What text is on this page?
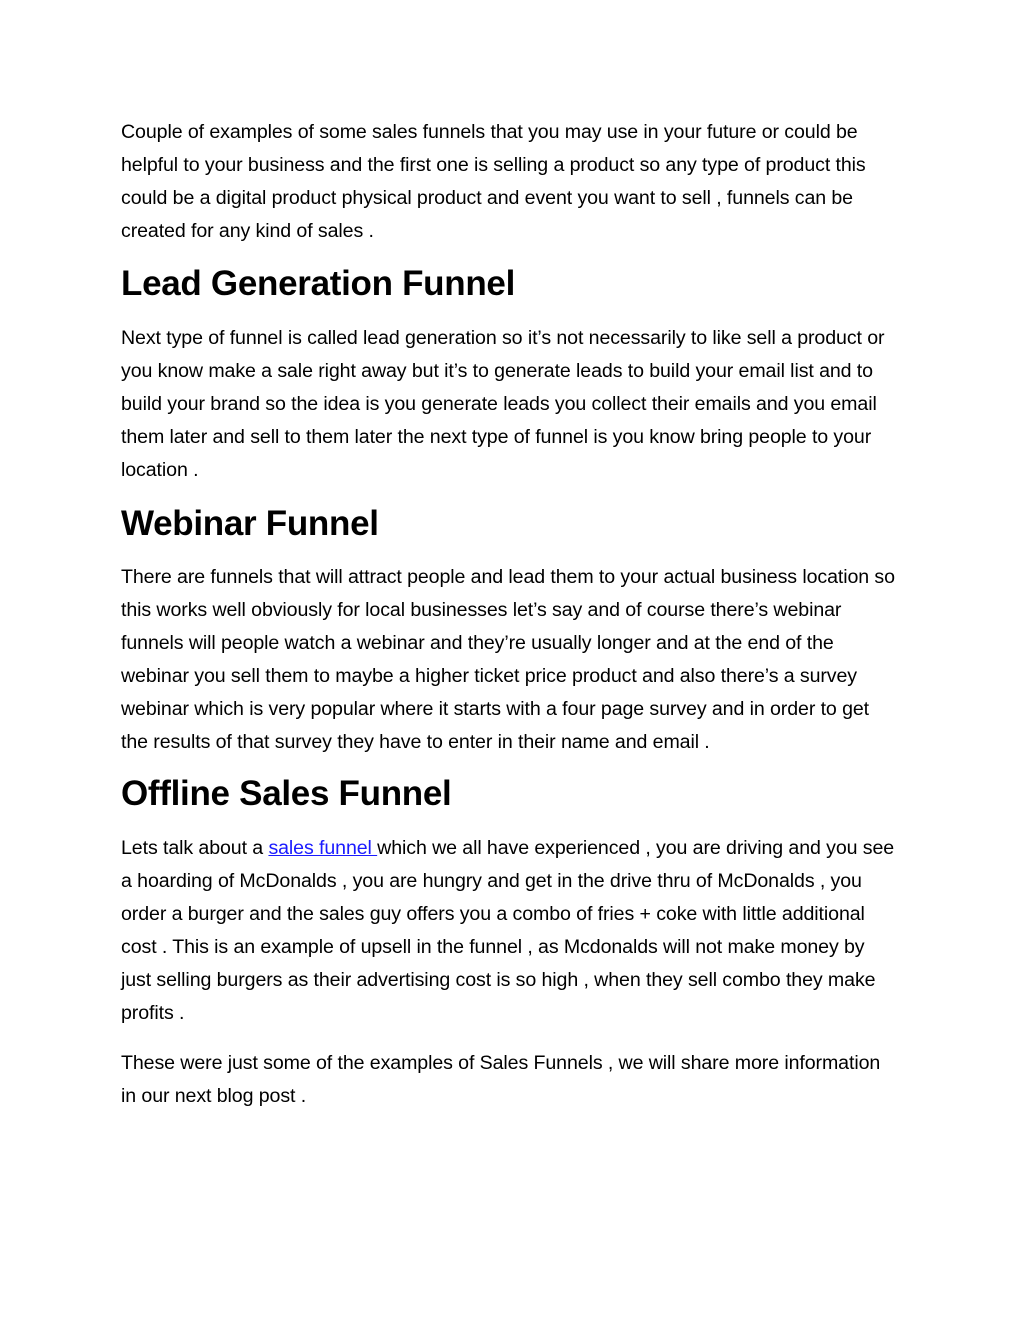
Couple of examples of some sales funnels that you may use in your future or could be helpful to your business and the first one is selling a product so any type of product this could be a digital product physical product and event you want to sell , funnels can be created for any kind of sales .

Lead Generation Funnel

Next type of funnel is called lead generation so it’s not necessarily to like sell a product or you know make a sale right away but it’s to generate leads to build your email list and to build your brand so the idea is you generate leads you collect their emails and you email them later and sell to them later the next type of funnel is you know bring people to your location .

Webinar Funnel

There are funnels that will attract people and lead them to your actual business location so this works well obviously for local businesses let’s say and of course there’s webinar funnels will people watch a webinar and they’re usually longer and at the end of the webinar you sell them to maybe a higher ticket price product and also there’s a survey webinar which is very popular where it starts with a four page survey and in order to get the results of that survey they have to enter in their name and email .

Offline Sales Funnel

Lets talk about a sales funnel which we all have experienced , you are driving and you see a hoarding of McDonalds , you are hungry and get in the drive thru of McDonalds , you order a burger and the sales guy offers you a combo of fries + coke with little additional cost . This is an example of upsell in the funnel , as Mcdonalds will not make money by just selling burgers as their advertising cost is so high , when they sell combo they make profits .

These were just some of the examples of Sales Funnels , we will share more information in our next blog post .
